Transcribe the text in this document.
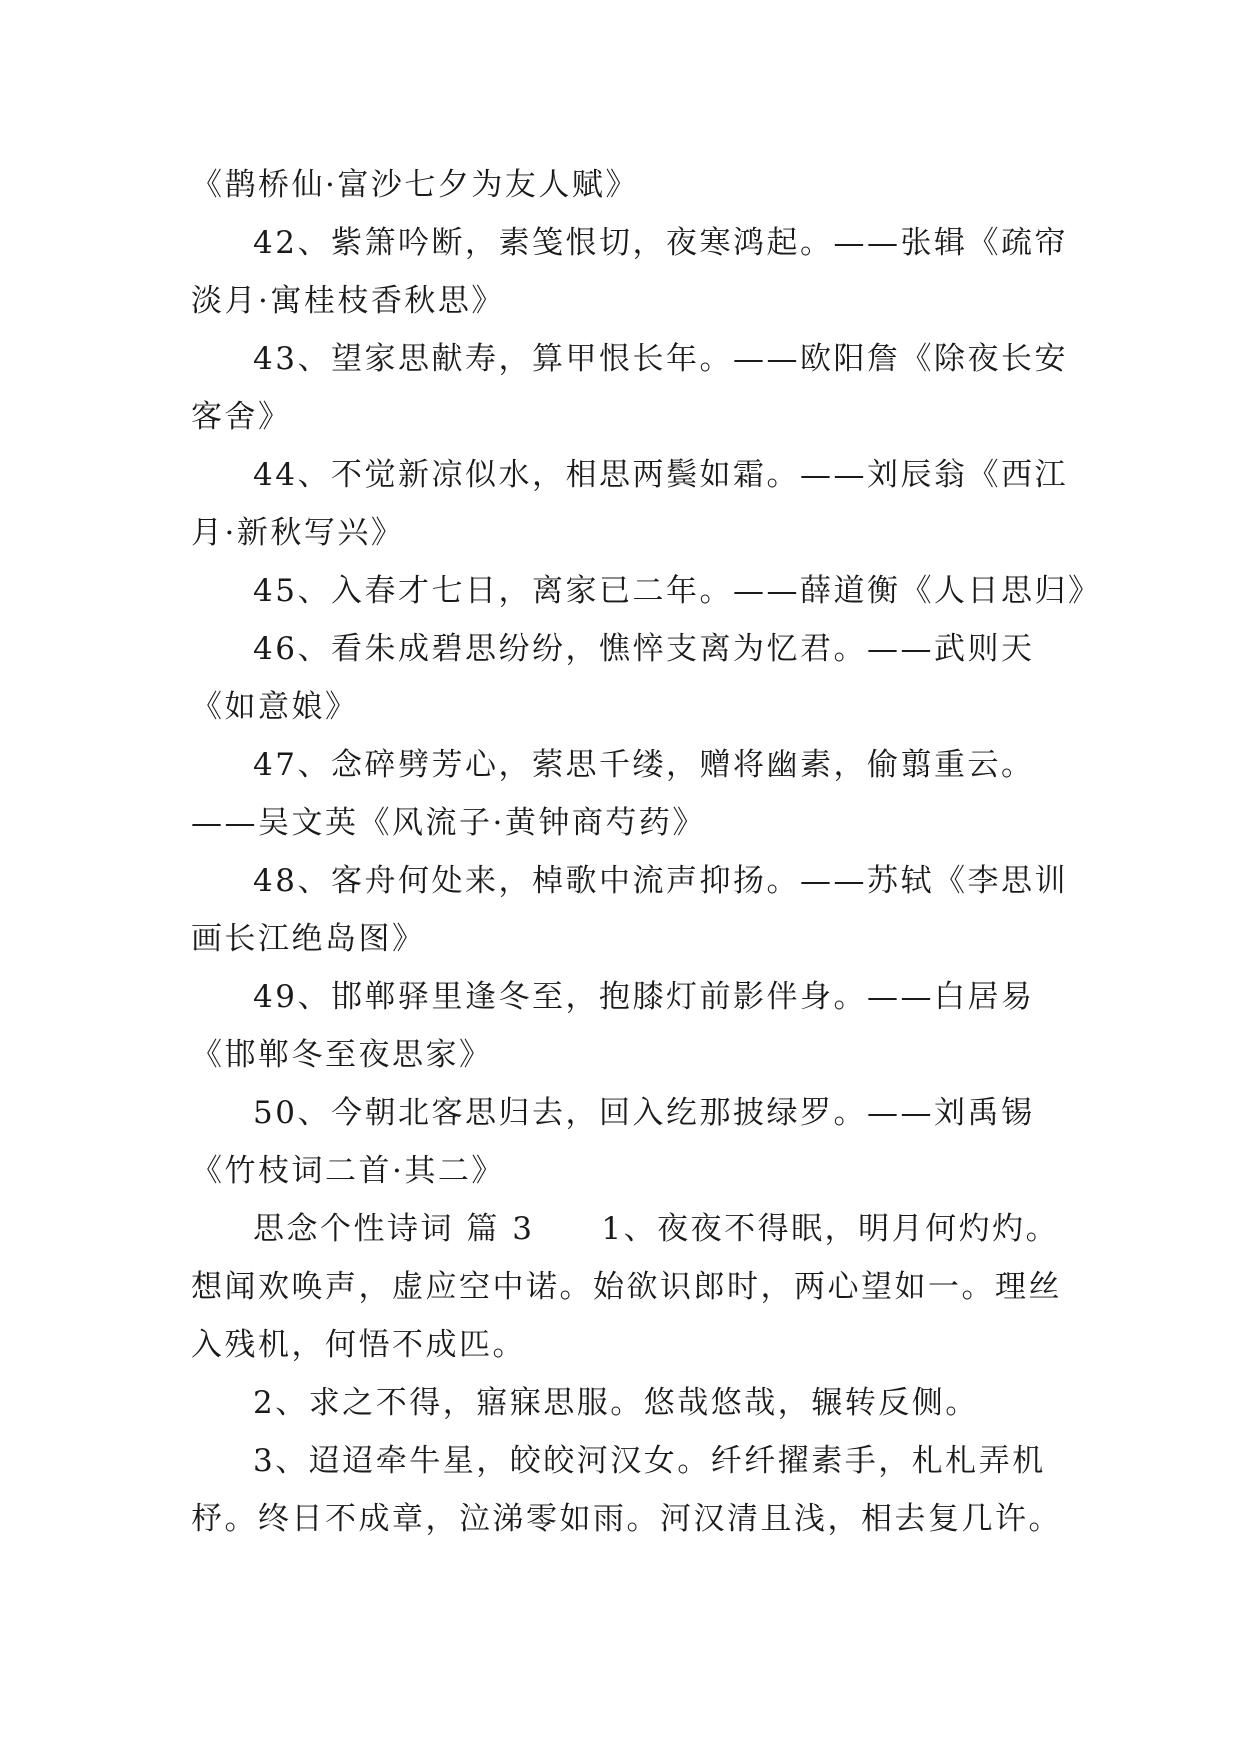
《鹊桥仙·富沙七夕为友人赋》
42、紫箫吟断，素笺恨切，夜寒鸿起。——张辑《疏帘
淡月·寓桂枝香秋思》
43、望家思献寿，算甲恨长年。——欧阳詹《除夜长安
客舍》
44、不觉新凉似水，相思两鬓如霜。——刘辰翁《西江
月·新秋写兴》
45、入春才七日，离家已二年。——薛道衡《人日思归》
46、看朱成碧思纷纷，憔悴支离为忆君。——武则天
《如意娘》
47、念碎劈芳心，萦思千缕，赠将幽素，偷翦重云。
——吴文英《风流子·黄钟商芍药》
48、客舟何处来，棹歌中流声抑扬。——苏轼《李思训
画长江绝岛图》
49、邯郸驿里逢冬至，抱膝灯前影伴身。——白居易
《邯郸冬至夜思家》
50、今朝北客思归去，回入纥那披绿罗。——刘禹锡
《竹枝词二首·其二》
思念个性诗词 篇 3　　1、夜夜不得眠，明月何灼灼。
想闻欢唤声，虚应空中诺。始欲识郎时，两心望如一。理丝
入残机，何悟不成匹。
2、求之不得，寤寐思服。悠哉悠哉，辗转反侧。
3、迢迢牵牛星，皎皎河汉女。纤纤擢素手，札札弄机
杼。终日不成章，泣涕零如雨。河汉清且浅，相去复几许。
